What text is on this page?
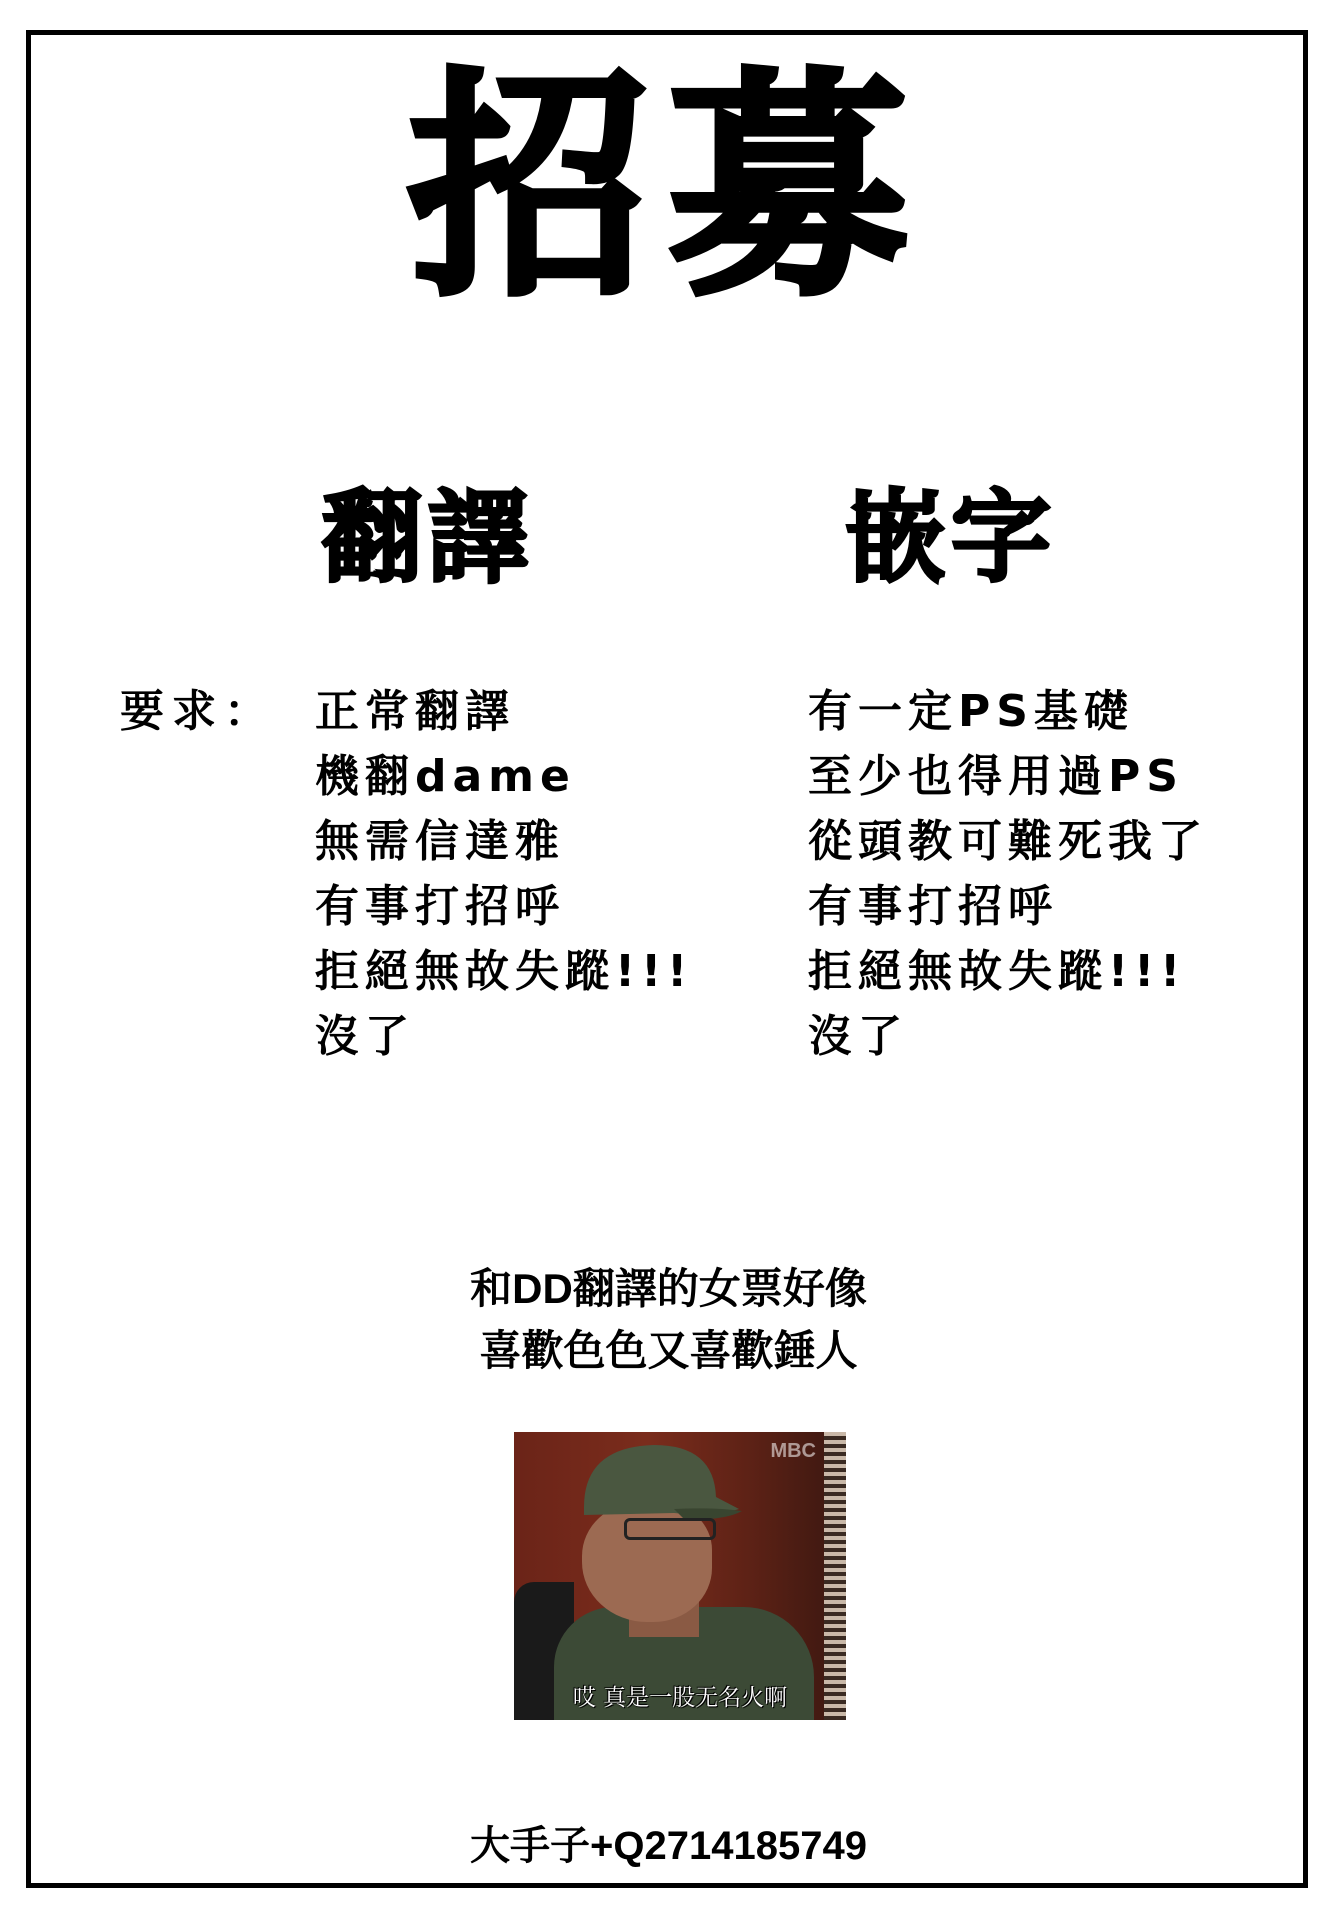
招募
翻譯	嵌字
要求： 正常翻譯
機翻dame
無需信達雅
有事打招呼
拒絕無故失蹤!!!
沒了
有一定PS基礎
至少也得用過PS
從頭教可難死我了
有事打招呼
拒絕無故失蹤!!!
沒了
和DD翻譯的女票好像
喜歡色色又喜歡錘人
MBC
哎 真是一股无名火啊
大手子+Q2714185749
